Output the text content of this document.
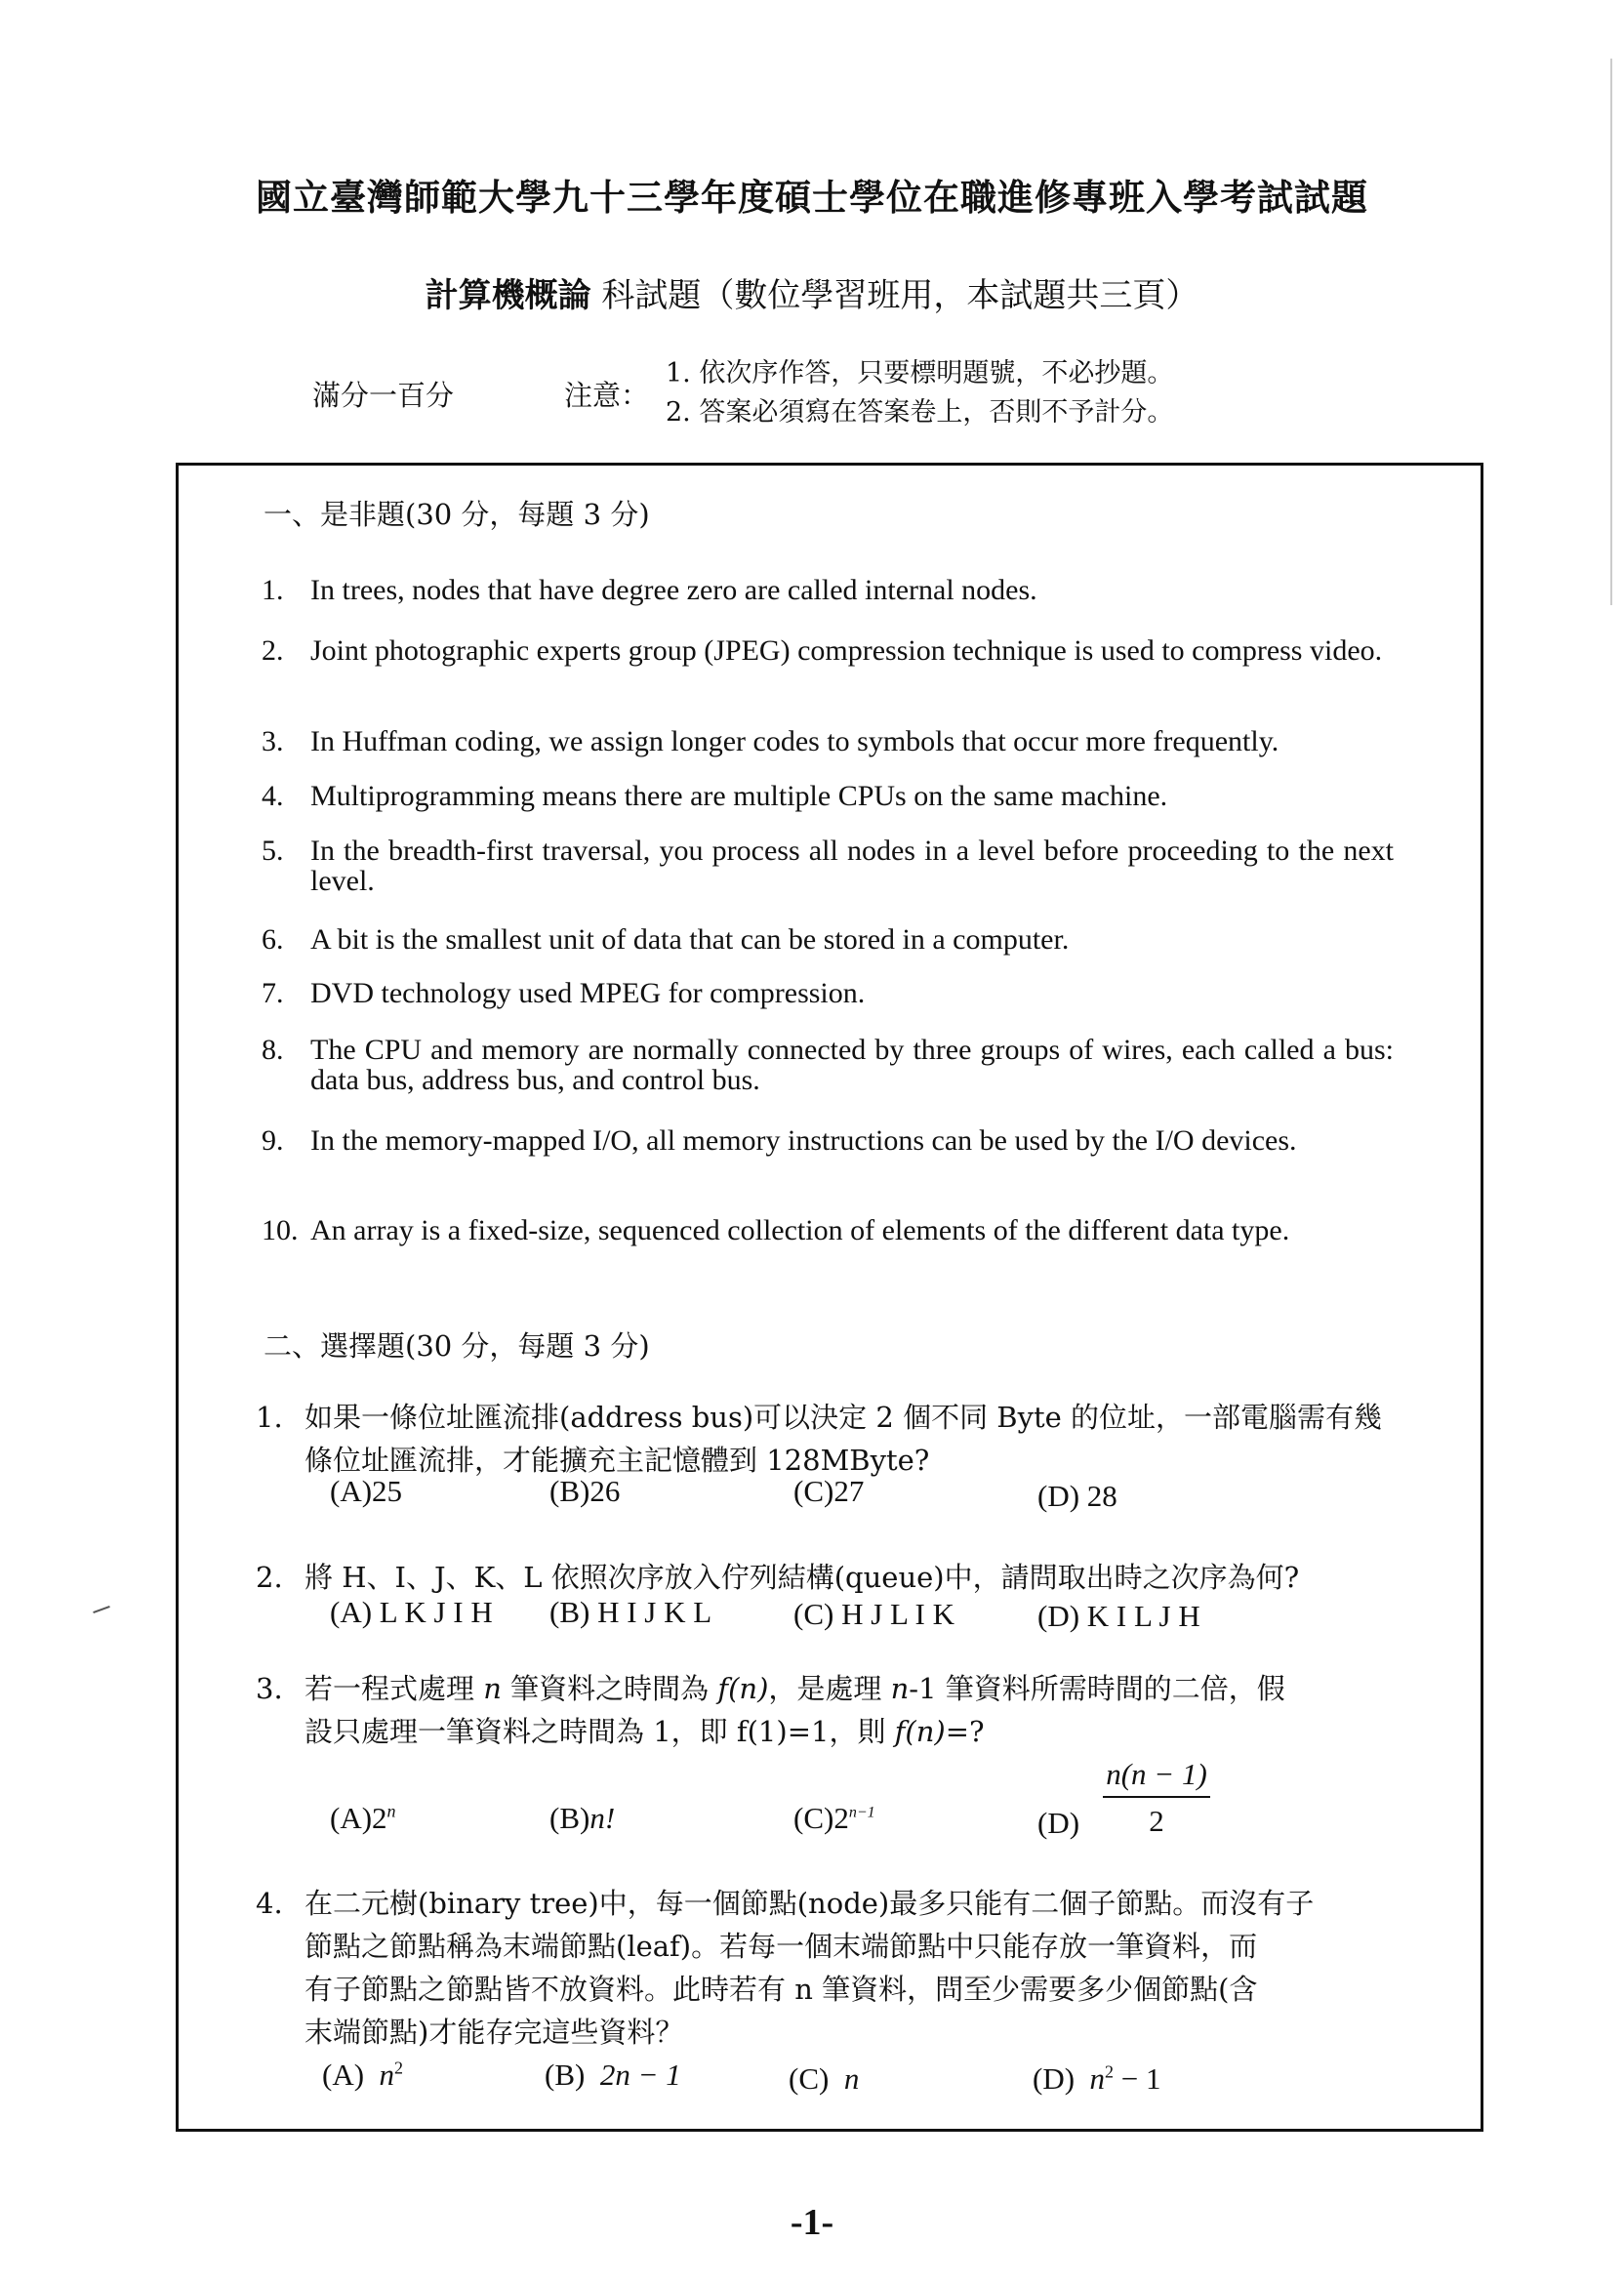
國立臺灣師範大學九十三學年度碩士學位在職進修專班入學考試試題
計算機概論 科試題（數位學習班用，本試題共三頁）
滿分一百分	注意：
1. 依次序作答，只要標明題號，不必抄題。
2. 答案必須寫在答案卷上，否則不予計分。
一、是非題(30 分，每題 3 分)
1. In trees, nodes that have degree zero are called internal nodes.
2. Joint photographic experts group (JPEG) compression technique is used to compress video.
3. In Huffman coding, we assign longer codes to symbols that occur more frequently.
4. Multiprogramming means there are multiple CPUs on the same machine.
5. In the breadth-first traversal, you process all nodes in a level before proceeding to the next level.
6. A bit is the smallest unit of data that can be stored in a computer.
7. DVD technology used MPEG for compression.
8. The CPU and memory are normally connected by three groups of wires, each called a bus: data bus, address bus, and control bus.
9. In the memory-mapped I/O, all memory instructions can be used by the I/O devices.
10. An array is a fixed-size, sequenced collection of elements of the different data type.
二、選擇題(30 分，每題 3 分)
1. 如果一條位址匯流排(address bus)可以決定 2 個不同 Byte 的位址，一部電腦需有幾條位址匯流排，才能擴充主記憶體到 128MByte?
(A)25	(B)26	(C)27	(D) 28
2. 將 H、I、J、K、L 依照次序放入佇列結構(queue)中，請問取出時之次序為何?
(A) L K J I H (B) H I J K L	(C) H J L I K	(D) K I L J H
3. 若一程式處理 n 筆資料之時間為 f(n)，是處理 n-1 筆資料所需時間的二倍，假
設只處理一筆資料之時間為 1，即 f(1)=1，則 f(n)=?
(A)2$^n$	(B)n!	$(C)2^{n-1}$	$(D) \frac{n(n - 1)}{2}$
4. 在二元樹(binary tree)中，每一個節點(node)最多只能有二個子節點。而沒有子
節點之節點稱為末端節點(leaf)。若每一個末端節點中只能存放一筆資料，而
有子節點之節點皆不放資料。此時若有 n 筆資料，問至少需要多少個節點(含
末端節點)才能存完這些資料？
(A) $n^2$	(B) 2n − 1	(C) n	(D) $n^2 - 1$
-1-
